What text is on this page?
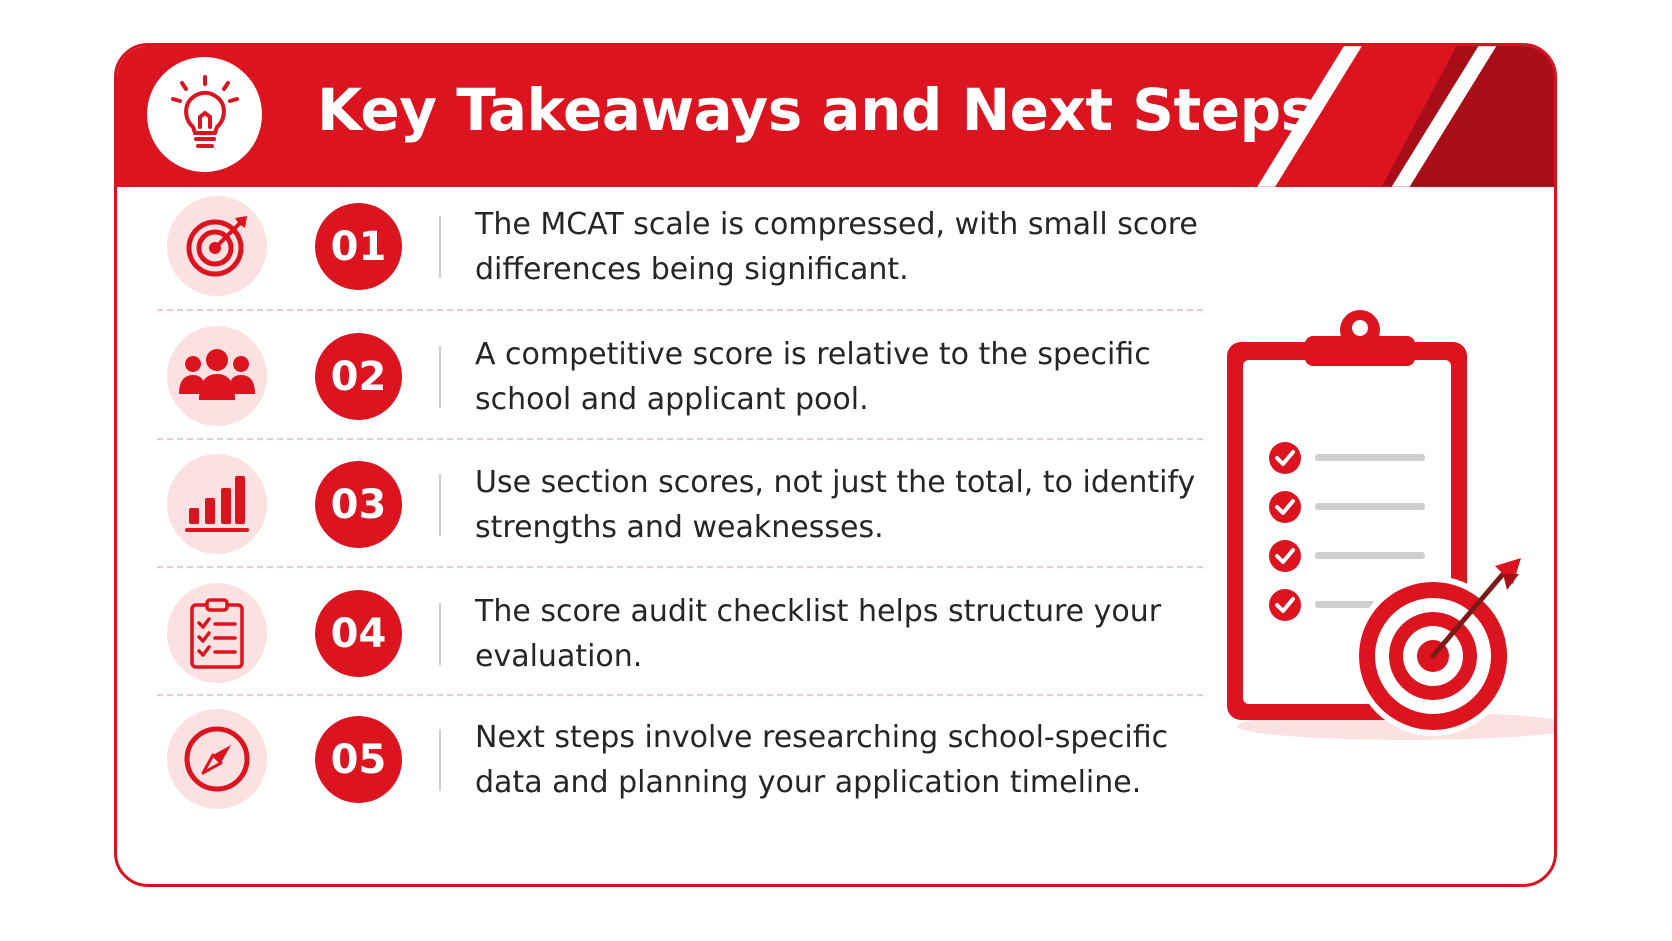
Key Takeaways and Next Steps
01	The MCAT scale is compressed, with small score differences being significant.
02	A competitive score is relative to the specific school and applicant pool.
03	Use section scores, not just the total, to identify strengths and weaknesses.
04	The score audit checklist helps structure your evaluation.
05	Next steps involve researching school-specific data and planning your application timeline.
